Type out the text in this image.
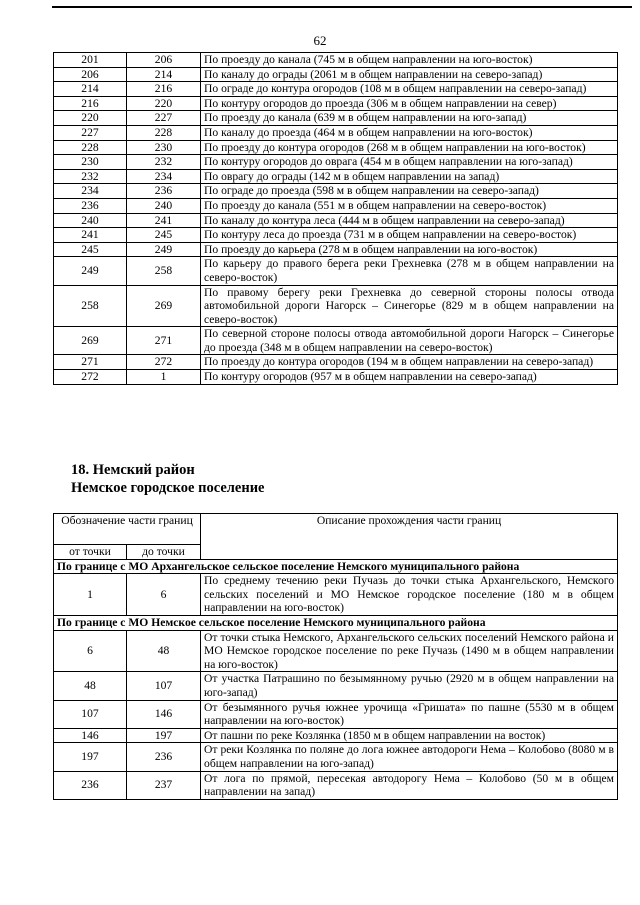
62
201	206	По проезду до канала (745 м в общем направлении на юго-восток)
206	214	По каналу до ограды (2061 м в общем направлении на северо-запад)
214	216	По ограде до контура огородов (108 м в общем направлении на северо-запад)
216	220	По контуру огородов до проезда (306 м в общем направлении на север)
220	227	По проезду до канала (639 м в общем направлении на юго-запад)
227	228	По каналу до проезда (464 м в общем направлении на юго-восток)
228	230	По проезду до контура огородов (268 м в общем направлении на юго-восток)
230	232	По контуру огородов до оврага (454 м в общем направлении на юго-запад)
232	234	По оврагу до ограды (142 м в общем направлении на запад)
234	236	По ограде до проезда (598 м в общем направлении на северо-запад)
236	240	По проезду до канала (551 м в общем направлении на северо-восток)
240	241	По каналу до контура леса (444 м в общем направлении на северо-запад)
241	245	По контуру леса до проезда (731 м в общем направлении на северо-восток)
245	249	По проезду до карьера (278 м в общем направлении на юго-восток)
249	258	По карьеру до правого берега реки Грехневка (278 м в общем направлении на северо-восток)
258	269	По правому берегу реки Грехневка до северной стороны полосы отвода автомобильной дороги Нагорск – Синегорье (829 м в общем направлении на северо-восток)
269	271	По северной стороне полосы отвода автомобильной дороги Нагорск – Синегорье до проезда (348 м в общем направлении на северо-восток)
271	272	По проезду до контура огородов (194 м в общем направлении на северо-запад)
272	1	По контуру огородов (957 м в общем направлении на северо-запад)
18. Немский район
Немское городское поселение
Обозначение части границ		Описание прохождения части границ
от точки	до точки	
По границе с МО Архангельское сельское поселение Немского муниципального района		
1	6	По среднему течению реки Пучазь до точки стыка Архангельского, Немского сельских поселений и МО Немское городское поселение (180 м в общем направлении на юго-восток)
По границе с МО Немское сельское поселение Немского муниципального района		
6	48	От точки стыка Немского, Архангельского сельских поселений Немского района и МО Немское городское поселение по реке Пучазь (1490 м в общем направлении на юго-восток)
48	107	От участка Патрашино по безымянному ручью (2920 м в общем направлении на юго-запад)
107	146	От безымянного ручья южнее урочища «Гришата» по пашне (5530 м в общем направлении на юго-восток)
146	197	От пашни по реке Козлянка (1850 м в общем направлении на восток)
197	236	От реки Козлянка по поляне до лога южнее автодороги Нема – Колобово (8080 м в общем направлении на юго-запад)
236	237	От лога по прямой, пересекая автодорогу Нема – Колобово (50 м в общем направлении на запад)
